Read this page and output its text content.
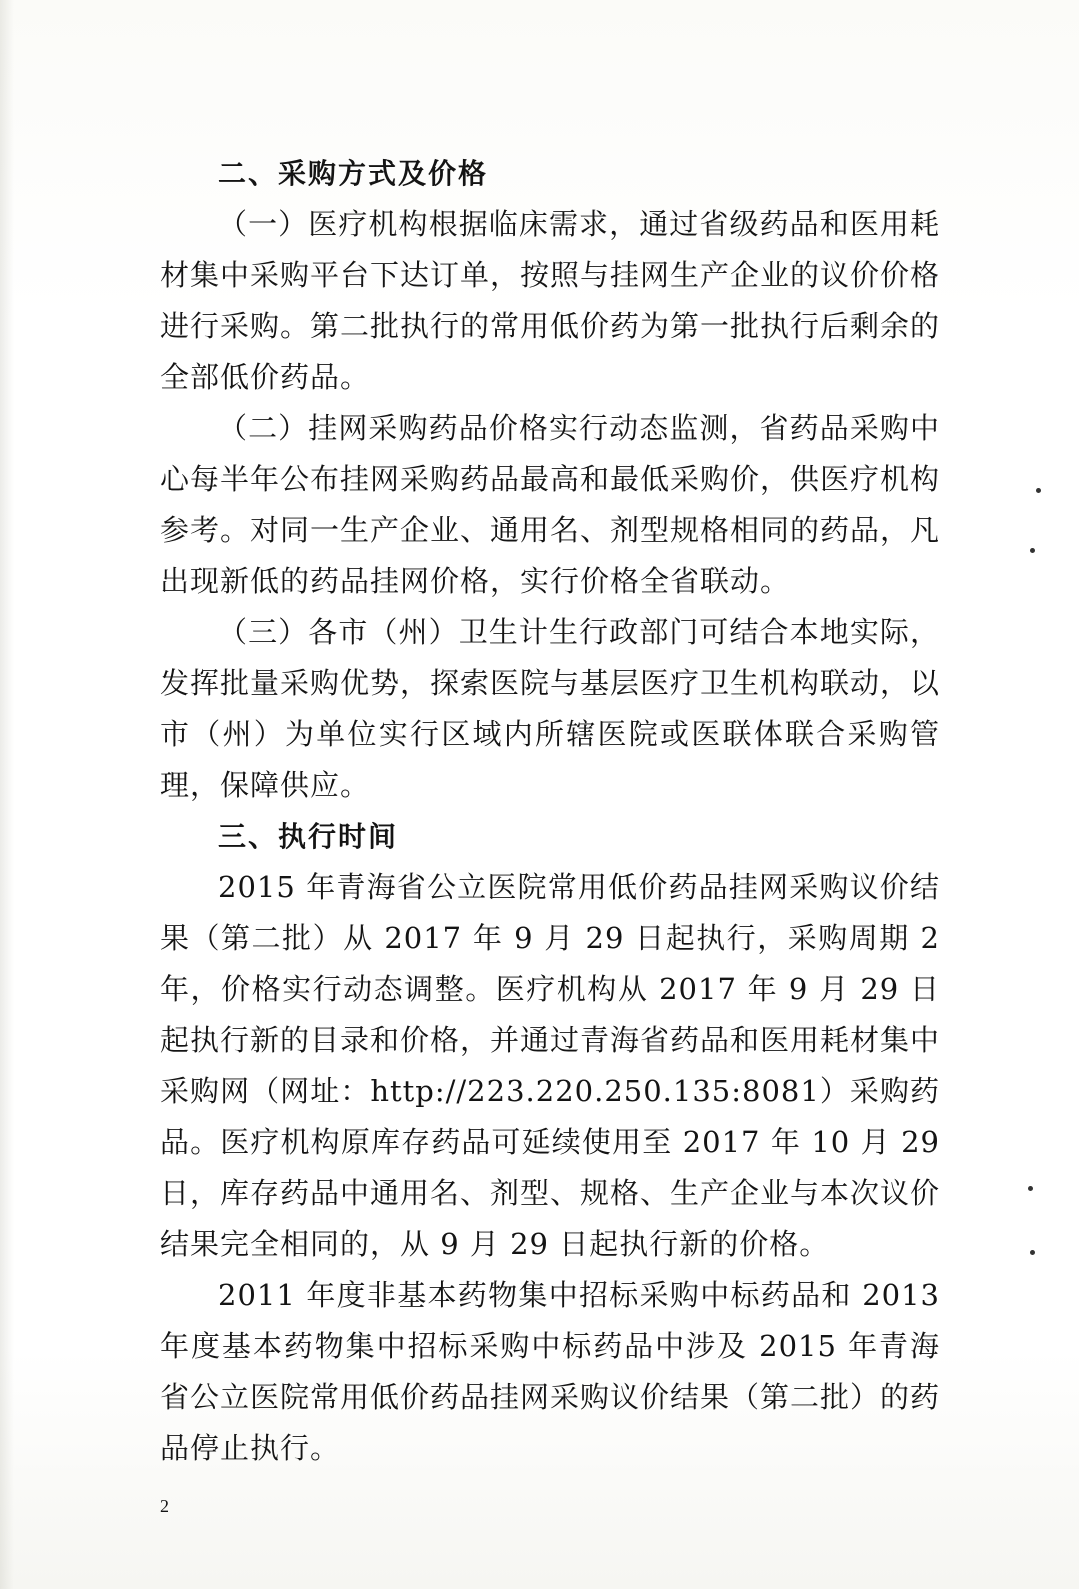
二、采购方式及价格

（一）医疗机构根据临床需求，通过省级药品和医用耗材集中采购平台下达订单，按照与挂网生产企业的议价价格进行采购。第二批执行的常用低价药为第一批执行后剩余的全部低价药品。

（二）挂网采购药品价格实行动态监测，省药品采购中心每半年公布挂网采购药品最高和最低采购价，供医疗机构参考。对同一生产企业、通用名、剂型规格相同的药品，凡出现新低的药品挂网价格，实行价格全省联动。

（三）各市（州）卫生计生行政部门可结合本地实际，发挥批量采购优势，探索医院与基层医疗卫生机构联动，以市（州）为单位实行区域内所辖医院或医联体联合采购管理，保障供应。

三、执行时间

2015 年青海省公立医院常用低价药品挂网采购议价结果（第二批）从 2017 年 9 月 29 日起执行，采购周期 2 年，价格实行动态调整。医疗机构从 2017 年 9 月 29 日起执行新的目录和价格，并通过青海省药品和医用耗材集中采购网（网址：http://223.220.250.135:8081）采购药品。医疗机构原库存药品可延续使用至 2017 年 10 月 29 日，库存药品中通用名、剂型、规格、生产企业与本次议价结果完全相同的，从 9 月 29 日起执行新的价格。

2011 年度非基本药物集中招标采购中标药品和 2013 年度基本药物集中招标采购中标药品中涉及 2015 年青海省公立医院常用低价药品挂网采购议价结果（第二批）的药品停止执行。

2
